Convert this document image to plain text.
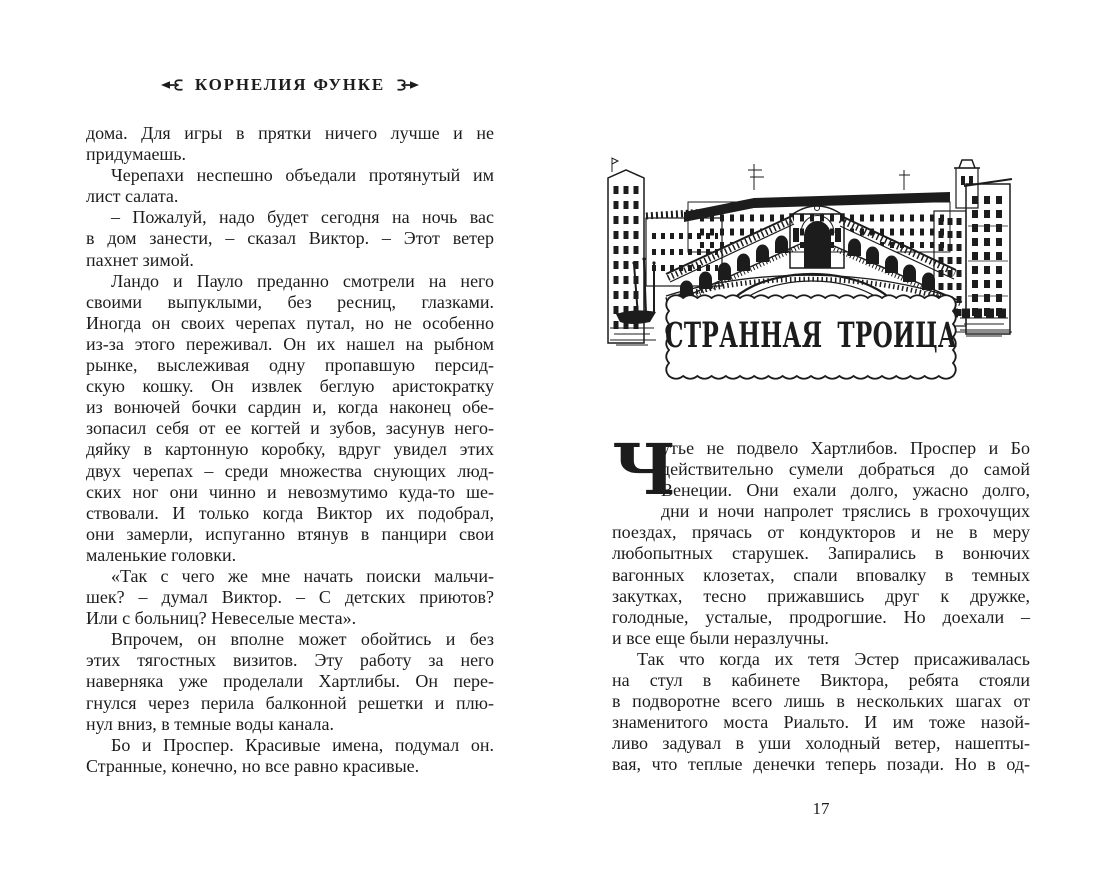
КОРНЕЛИЯ ФУНКЕ
дома. Для игры в прятки ничего лучше и не
придумаешь.
Черепахи неспешно объедали протянутый им
лист салата.
– Пожалуй, надо будет сегодня на ночь вас
в дом занести, – сказал Виктор. – Этот ветер
пахнет зимой.
Ландо и Пауло преданно смотрели на него
своими выпуклыми, без ресниц, глазками.
Иногда он своих черепах путал, но не особенно
из-за этого переживал. Он их нашел на рыбном
рынке, выслеживая одну пропавшую персид-
скую кошку. Он извлек беглую аристократку
из вонючей бочки сардин и, когда наконец обе-
зопасил себя от ее когтей и зубов, засунув него-
дяйку в картонную коробку, вдруг увидел этих
двух черепах – среди множества снующих люд-
ских ног они чинно и невозмутимо куда-то ше-
ствовали. И только когда Виктор их подобрал,
они замерли, испуганно втянув в панцири свои
маленькие головки.
«Так с чего же мне начать поиски мальчи-
шек? – думал Виктор. – С детских приютов?
Или с больниц? Невеселые места».
Впрочем, он вполне может обойтись и без
этих тягостных визитов. Эту работу за него
наверняка уже проделали Хартлибы. Он пере-
гнулся через перила балконной решетки и плю-
нул вниз, в темные воды канала.
Бо и Проспер. Красивые имена, подумал он.
Странные, конечно, но все равно красивые.
СТРАННАЯ ТРОИЦА
Ч
утье не подвело Хартлибов. Проспер и Бо
действительно сумели добраться до самой
Венеции. Они ехали долго, ужасно долго,
дни и ночи напролет тряслись в грохочущих
поездах, прячась от кондукторов и не в меру
любопытных старушек. Запирались в вонючих
вагонных клозетах, спали вповалку в темных
закутках, тесно прижавшись друг к дружке,
голодные, усталые, продрогшие. Но доехали –
и все еще были неразлучны.
Так что когда их тетя Эстер присаживалась
на стул в кабинете Виктора, ребята стояли
в подворотне всего лишь в нескольких шагах от
знаменитого моста Риальто. И им тоже назой-
ливо задувал в уши холодный ветер, нашепты-
вая, что теплые денечки теперь позади. Но в од-
17
